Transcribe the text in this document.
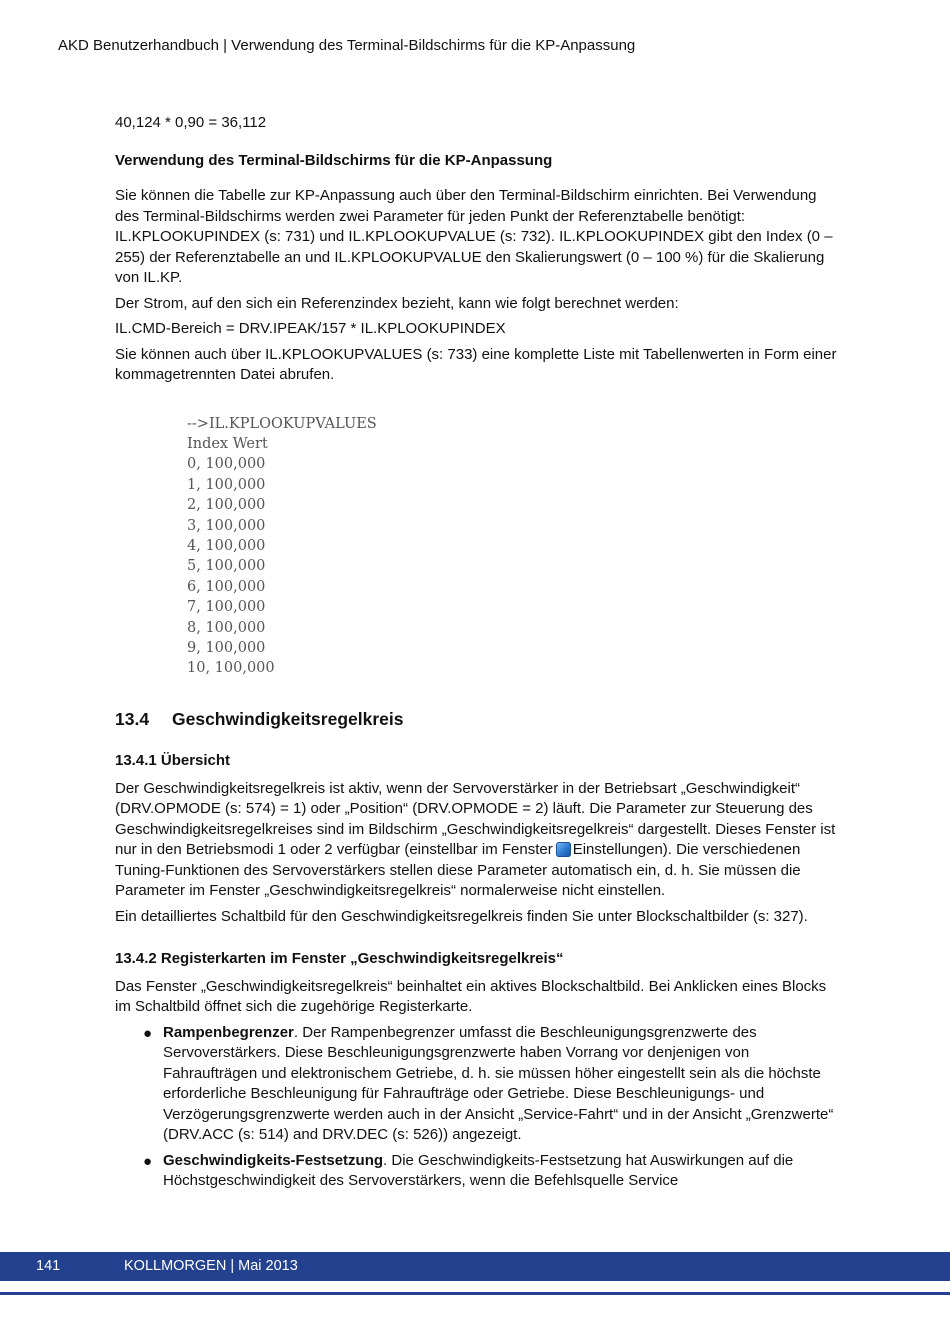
AKD Benutzerhandbuch | Verwendung des Terminal-Bildschirms für die KP-Anpassung

40,124 * 0,90 = 36,112

Verwendung des Terminal-Bildschirms für die KP-Anpassung

Sie können die Tabelle zur KP-Anpassung auch über den Terminal-Bildschirm einrichten. Bei Verwendung des Terminal-Bildschirms werden zwei Parameter für jeden Punkt der Referenztabelle benötigt: IL.KPLOOKUPINDEX (s: 731) und IL.KPLOOKUPVALUE (s: 732). IL.KPLOOKUPINDEX gibt den Index (0 – 255) der Referenztabelle an und IL.KPLOOKUPVALUE den Skalierungswert (0 – 100 %) für die Skalierung von IL.KP.

Der Strom, auf den sich ein Referenzindex bezieht, kann wie folgt berechnet werden:

IL.CMD-Bereich = DRV.IPEAK/157 * IL.KPLOOKUPINDEX

Sie können auch über IL.KPLOOKUPVALUES (s: 733) eine komplette Liste mit Tabellenwerten in Form einer kommagetrennten Datei abrufen.

-->IL.KPLOOKUPVALUES
Index Wert
0, 100,000
1, 100,000
2, 100,000
3, 100,000
4, 100,000
5, 100,000
6, 100,000
7, 100,000
8, 100,000
9, 100,000
10, 100,000
13.4	Geschwindigkeitsregelkreis
13.4.1 Übersicht

Der Geschwindigkeitsregelkreis ist aktiv, wenn der Servoverstärker in der Betriebsart „Geschwindigkeit“ (DRV.OPMODE (s: 574) = 1) oder „Position“ (DRV.OPMODE = 2) läuft. Die Parameter zur Steuerung des Geschwindigkeitsregelkreises sind im Bildschirm „Geschwindigkeitsregelkreis“ dargestellt. Dieses Fenster ist nur in den Betriebsmodi 1 oder 2 verfügbar (einstellbar im Fenster Einstellungen). Die verschiedenen Tuning-Funktionen des Servoverstärkers stellen diese Parameter automatisch ein, d. h. Sie müssen die Parameter im Fenster „Geschwindigkeitsregelkreis“ normalerweise nicht einstellen.

Ein detailliertes Schaltbild für den Geschwindigkeitsregelkreis finden Sie unter Blockschaltbilder (s: 327).

13.4.2 Registerkarten im Fenster „Geschwindigkeitsregelkreis“

Das Fenster „Geschwindigkeitsregelkreis“ beinhaltet ein aktives Blockschaltbild. Bei Anklicken eines Blocks im Schaltbild öffnet sich die zugehörige Registerkarte.

● Rampenbegrenzer. Der Rampenbegrenzer umfasst die Beschleunigungsgrenzwerte des Servoverstärkers. Diese Beschleunigungsgrenzwerte haben Vorrang vor denjenigen von Fahraufträgen und elektronischem Getriebe, d. h. sie müssen höher eingestellt sein als die höchste erforderliche Beschleunigung für Fahraufträge oder Getriebe. Diese Beschleunigungs- und Verzögerungsgrenzwerte werden auch in der Ansicht „Service-Fahrt“ und in der Ansicht „Grenzwerte“ (DRV.ACC (s: 514) and DRV.DEC (s: 526)) angezeigt.
● Geschwindigkeits-Festsetzung. Die Geschwindigkeits-Festsetzung hat Auswirkungen auf die Höchstgeschwindigkeit des Servoverstärkers, wenn die Befehlsquelle Service
141	KOLLMORGEN | Mai 2013
